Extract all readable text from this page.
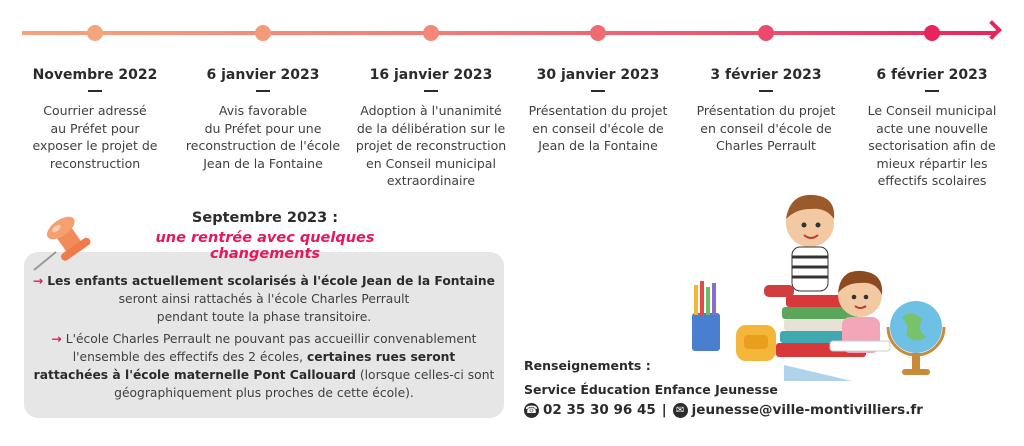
Novembre 2022
Courrier adressé
au Préfet pour
exposer le projet de
reconstruction
6 janvier 2023
Avis favorable
du Préfet pour une
reconstruction de l'école
Jean de la Fontaine
16 janvier 2023
Adoption à l'unanimité
de la délibération sur le
projet de reconstruction
en Conseil municipal
extraordinaire
30 janvier 2023
Présentation du projet
en conseil d'école de
Jean de la Fontaine
3 février 2023
Présentation du projet
en conseil d'école de
Charles Perrault
6 février 2023
Le Conseil municipal
acte une nouvelle
sectorisation afin de
mieux répartir les
effectifs scolaires
→ Les enfants actuellement scolarisés à l'école Jean de la Fontaine
seront ainsi rattachés à l'école Charles Perrault
pendant toute la phase transitoire.
→ L'école Charles Perrault ne pouvant pas accueillir convenablement
l'ensemble des effectifs des 2 écoles, certaines rues seront
rattachées à l'école maternelle Pont Callouard (lorsque celles-ci sont
géographiquement plus proches de cette école).
Septembre 2023 :
une rentrée avec quelques changements
Renseignements :
Service Éducation Enfance Jeunesse
☎ 02 35 30 96 45 | ✉ jeunesse@ville-montivilliers.fr
